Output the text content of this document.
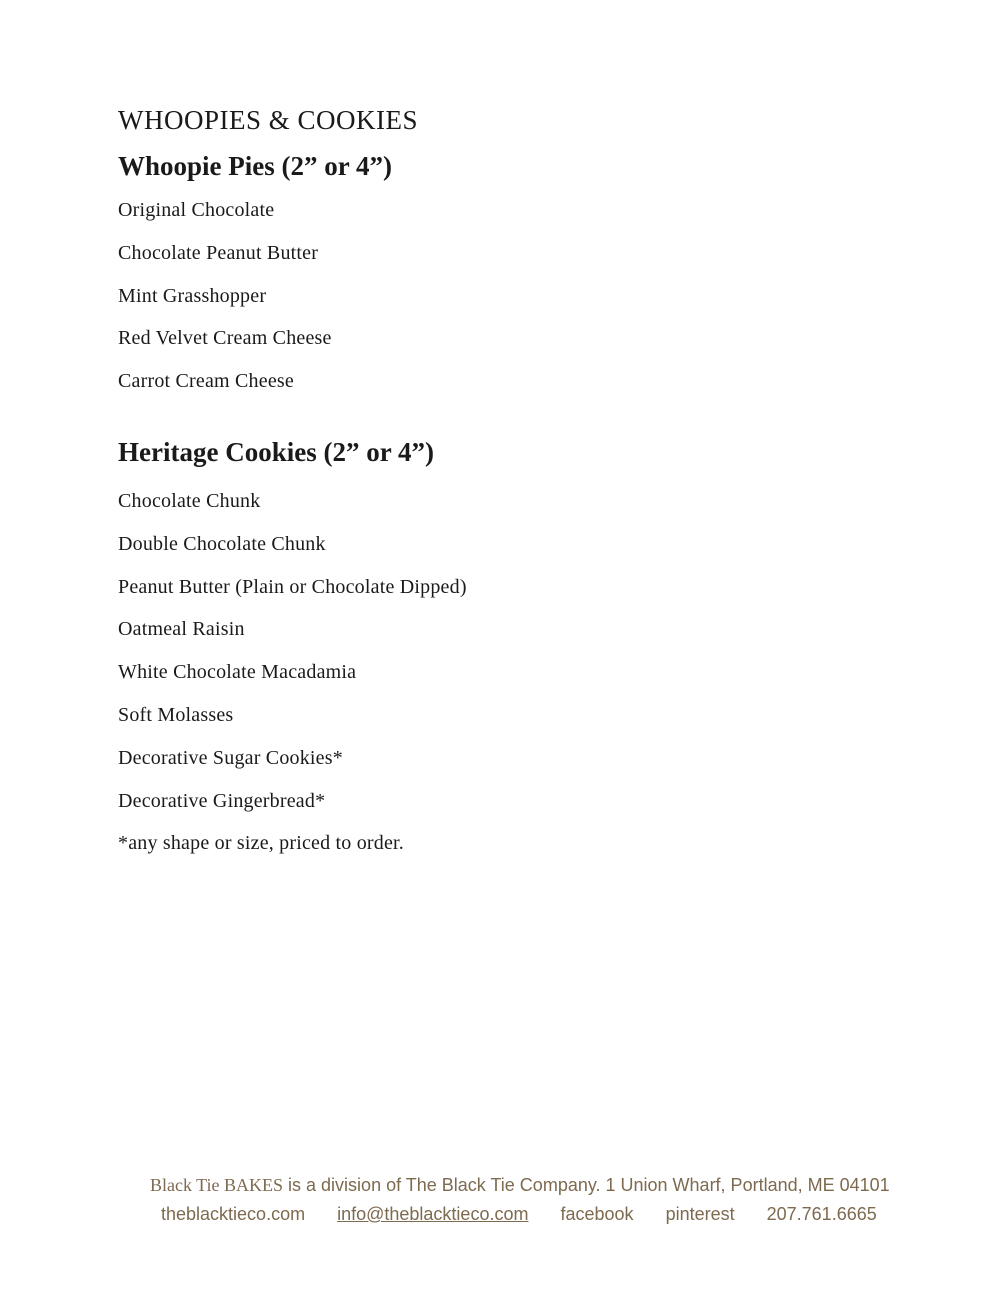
WHOOPIES & COOKIES
Whoopie Pies (2” or 4”)
Original Chocolate
Chocolate Peanut Butter
Mint Grasshopper
Red Velvet Cream Cheese
Carrot Cream Cheese
Heritage Cookies (2” or 4”)
Chocolate Chunk
Double Chocolate Chunk
Peanut Butter (Plain or Chocolate Dipped)
Oatmeal Raisin
White Chocolate Macadamia
Soft Molasses
Decorative Sugar Cookies*
Decorative Gingerbread*
*any shape or size, priced to order.
Black Tie BAKES is a division of The Black Tie Company. 1 Union Wharf, Portland, ME 04101
theblacktieco.com info@theblacktieco.com facebook pinterest 207.761.6665
